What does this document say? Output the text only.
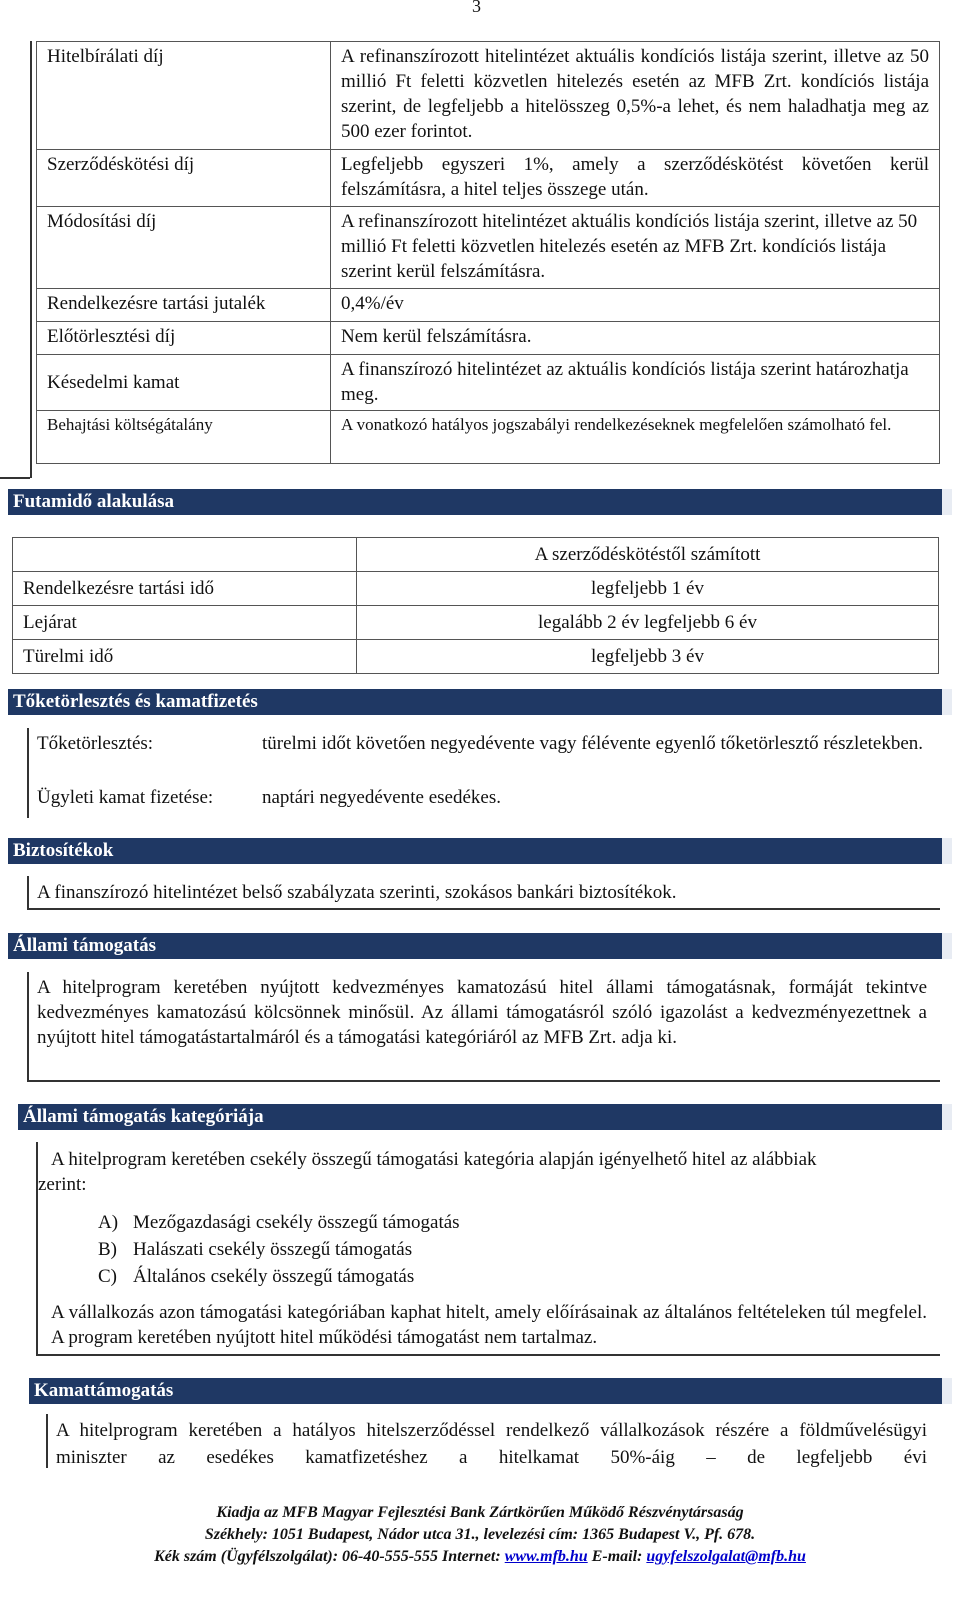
3
Hitelbírálati díj	A refinanszírozott hitelintézet aktuális kondíciós listája szerint, illetve az 50 millió Ft feletti közvetlen hitelezés esetén az MFB Zrt. kondíciós listája szerint, de legfeljebb a hitelösszeg 0,5%-a lehet, és nem haladhatja meg az 500 ezer forintot.
Szerződéskötési díj	Legfeljebb egyszeri 1%, amely a szerződéskötést követően kerül felszámításra, a hitel teljes összege után.
Módosítási díj	A refinanszírozott hitelintézet aktuális kondíciós listája szerint, illetve az 50 millió Ft feletti közvetlen hitelezés esetén az MFB Zrt. kondíciós listája szerint kerül felszámításra.
Rendelkezésre tartási jutalék	0,4%/év
Előtörlesztési díj	Nem kerül felszámításra.
Késedelmi kamat	A finanszírozó hitelintézet az aktuális kondíciós listája szerint határozhatja meg.
Behajtási költségátalány	A vonatkozó hatályos jogszabályi rendelkezéseknek megfelelően számolható fel.
Futamidő alakulása
	A szerződéskötéstől számított
Rendelkezésre tartási idő	legfeljebb 1 év
Lejárat	legalább 2 év legfeljebb 6 év
Türelmi idő	legfeljebb 3 év
Tőketörlesztés és kamatfizetés
Tőketörlesztés:	türelmi időt követően negyedévente vagy félévente egyenlő tőketörlesztő részletekben.
Ügyleti kamat fizetése:	naptári negyedévente esedékes.
Biztosítékok
A finanszírozó hitelintézet belső szabályzata szerinti, szokásos bankári biztosítékok.
Állami támogatás
A hitelprogram keretében nyújtott kedvezményes kamatozású hitel állami támogatásnak, formáját tekintve kedvezményes kamatozású kölcsönnek minősül. Az állami támogatásról szóló igazolást a kedvezményezettnek a nyújtott hitel támogatástartalmáról és a támogatási kategóriáról az MFB Zrt. adja ki.
Állami támogatás kategóriája
A hitelprogram keretében csekély összegű támogatási kategória alapján igényelhető hitel az alábbiak
zerint:
A) Mezőgazdasági csekély összegű támogatás
B) Halászati csekély összegű támogatás
C) Általános csekély összegű támogatás
A vállalkozás azon támogatási kategóriában kaphat hitelt, amely előírásainak az általános feltételeken túl megfelel. A program keretében nyújtott hitel működési támogatást nem tartalmaz.
Kamattámogatás
A hitelprogram keretében a hatályos hitelszerződéssel rendelkező vállalkozások részére a földművelésügyi miniszter az esedékes kamatfizetéshez a hitelkamat 50%-áig – de legfeljebb évi
Kiadja az MFB Magyar Fejlesztési Bank Zártkörűen Működő Részvénytársaság
Székhely: 1051 Budapest, Nádor utca 31., levelezési cím: 1365 Budapest V., Pf. 678.
Kék szám (Ügyfélszolgálat): 06-40-555-555 Internet: www.mfb.hu E-mail: ugyfelszolgalat@mfb.hu
